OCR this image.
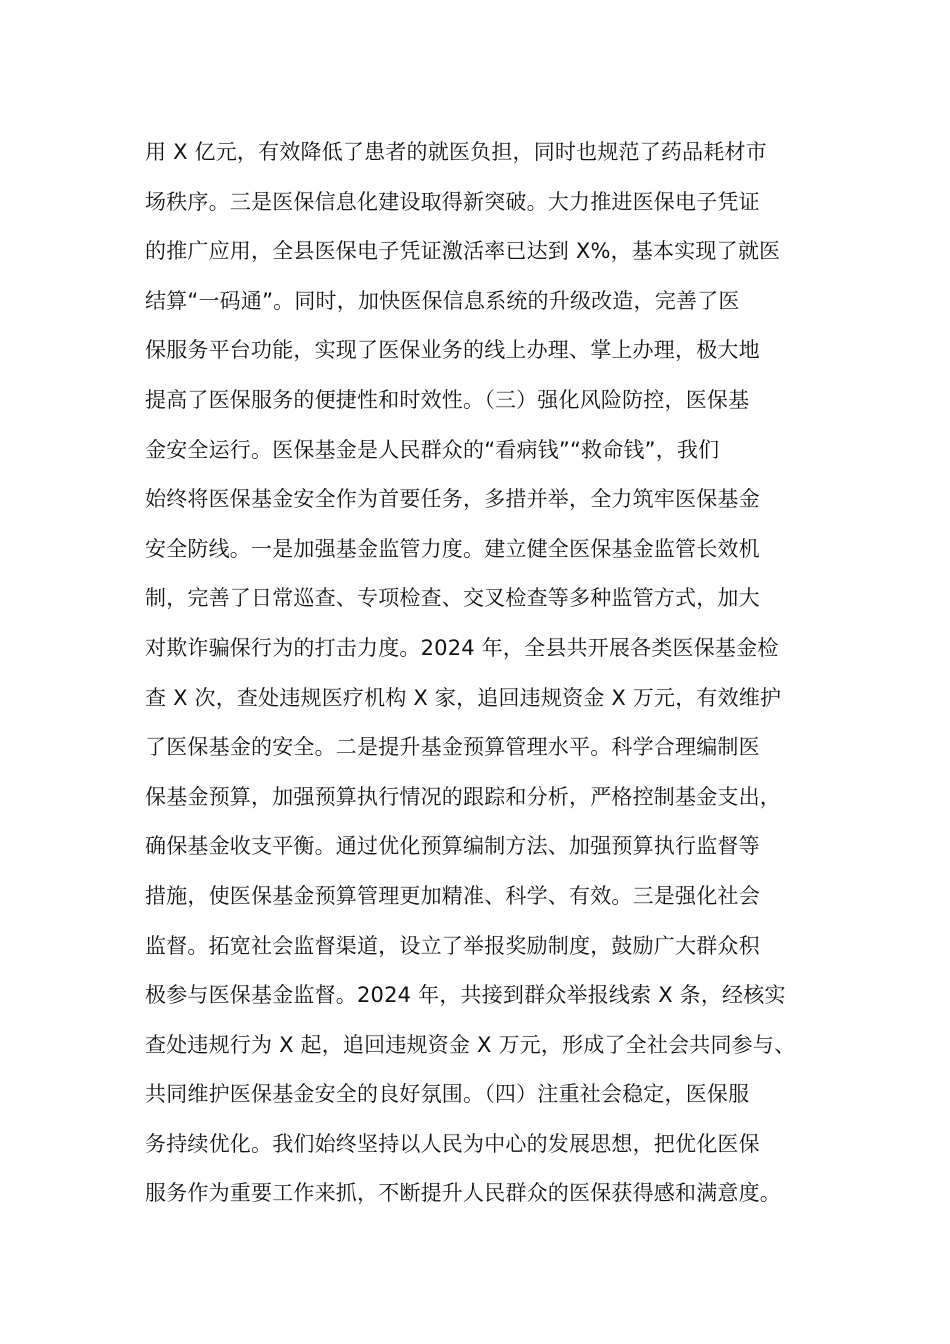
用 X 亿元，有效降低了患者的就医负担，同时也规范了药品耗材市
场秩序。三是医保信息化建设取得新突破。大力推进医保电子凭证
的推广应用，全县医保电子凭证激活率已达到 X%，基本实现了就医
结算“一码通”。同时，加快医保信息系统的升级改造，完善了医
保服务平台功能，实现了医保业务的线上办理、掌上办理，极大地
提高了医保服务的便捷性和时效性。（三）强化风险防控，医保基
金安全运行。医保基金是人民群众的“看病钱”“救命钱”，我们
始终将医保基金安全作为首要任务，多措并举，全力筑牢医保基金
安全防线。一是加强基金监管力度。建立健全医保基金监管长效机
制，完善了日常巡查、专项检查、交叉检查等多种监管方式，加大
对欺诈骗保行为的打击力度。2024 年，全县共开展各类医保基金检
查 X 次，查处违规医疗机构 X 家，追回违规资金 X 万元，有效维护
了医保基金的安全。二是提升基金预算管理水平。科学合理编制医
保基金预算，加强预算执行情况的跟踪和分析，严格控制基金支出，
确保基金收支平衡。通过优化预算编制方法、加强预算执行监督等
措施，使医保基金预算管理更加精准、科学、有效。三是强化社会
监督。拓宽社会监督渠道，设立了举报奖励制度，鼓励广大群众积
极参与医保基金监督。2024 年，共接到群众举报线索 X 条，经核实
查处违规行为 X 起，追回违规资金 X 万元，形成了全社会共同参与、
共同维护医保基金安全的良好氛围。（四）注重社会稳定，医保服
务持续优化。我们始终坚持以人民为中心的发展思想，把优化医保
服务作为重要工作来抓，不断提升人民群众的医保获得感和满意度。
